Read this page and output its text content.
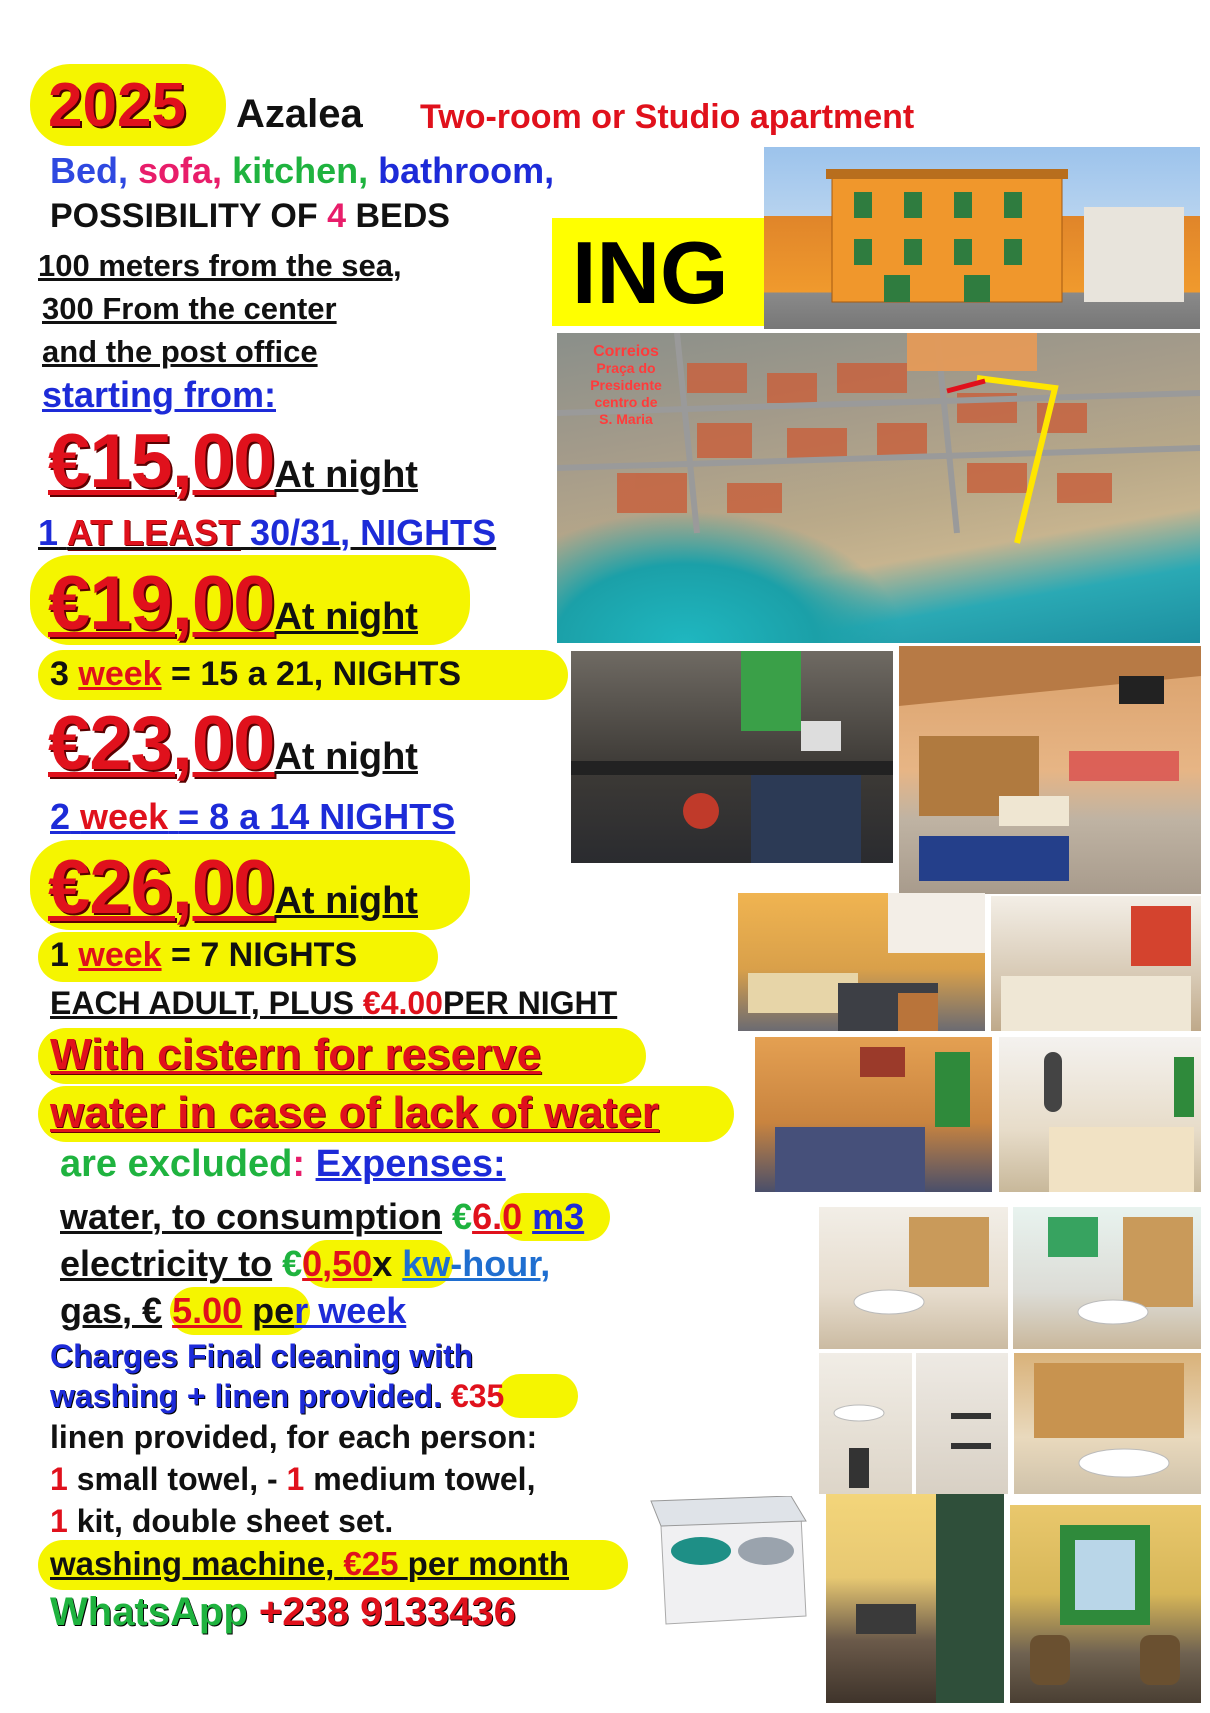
2025 Azalea Two-room or Studio apartment
Bed, sofa, kitchen, bathroom,
POSSIBILITY OF 4 BEDS
100 meters from the sea,
300 From the center
and the post office
starting from:
€15,00At night
1 AT LEAST 30/31, NIGHTS
€19,00At night
3 week = 15 a 21, NIGHTS
€23,00At night
2 week = 8 a 14 NIGHTS
€26,00At night
1 week = 7 NIGHTS
EACH ADULT, PLUS €4.00PER NIGHT
With cistern for reserve
water in case of lack of water
are excluded: Expenses:
water, to consumption €6.0 m3
electricity to €0,50x kw-hour,
gas, € 5.00 per week
Charges Final cleaning with
washing + linen provided. €35
linen provided, for each person:
1 small towel, - 1 medium towel,
1 kit, double sheet set.
washing machine, €25 per month
WhatsApp +238 9133436
ING
Correios
Praça do
Presidente
centro de
S. Maria
